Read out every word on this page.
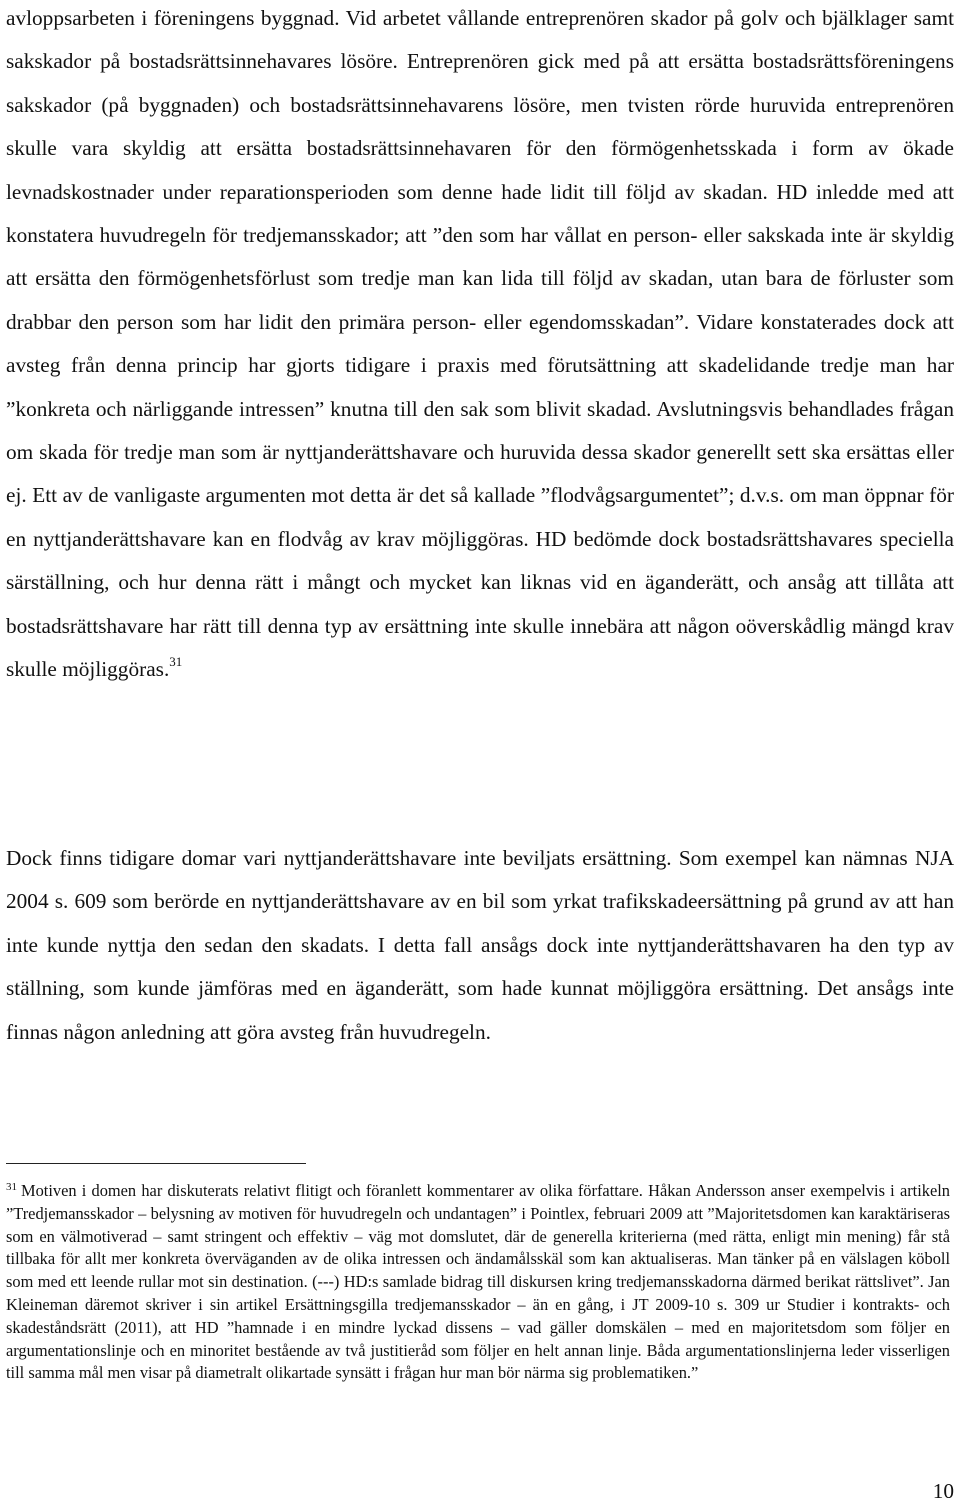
avloppsarbeten i föreningens byggnad. Vid arbetet vållande entreprenören skador på golv och bjälklager samt sakskador på bostadsrättsinnehavares lösöre. Entreprenören gick med på att ersätta bostadsrättsföreningens sakskador (på byggnaden) och bostadsrättsinnehavarens lösöre, men tvisten rörde huruvida entreprenören skulle vara skyldig att ersätta bostadsrättsinnehavaren för den förmögenhetsskada i form av ökade levnadskostnader under reparationsperioden som denne hade lidit till följd av skadan. HD inledde med att konstatera huvudregeln för tredjemansskador; att ”den som har vållat en person- eller sakskada inte är skyldig att ersätta den förmögenhetsförlust som tredje man kan lida till följd av skadan, utan bara de förluster som drabbar den person som har lidit den primära person- eller egendomsskadan”. Vidare konstaterades dock att avsteg från denna princip har gjorts tidigare i praxis med förutsättning att skadelidande tredje man har ”konkreta och närliggande intressen” knutna till den sak som blivit skadad. Avslutningsvis behandlades frågan om skada för tredje man som är nyttjanderättshavare och huruvida dessa skador generellt sett ska ersättas eller ej. Ett av de vanligaste argumenten mot detta är det så kallade ”flodvågsargumentet”; d.v.s. om man öppnar för en nyttjanderättshavare kan en flodvåg av krav möjliggöras. HD bedömde dock bostadsrättshavares speciella särställning, och hur denna rätt i mångt och mycket kan liknas vid en äganderätt, och ansåg att tillåta att bostadsrättshavare har rätt till denna typ av ersättning inte skulle innebära att någon oöverskådlig mängd krav skulle möjliggöras.$^{31}$

Dock finns tidigare domar vari nyttjanderättshavare inte beviljats ersättning. Som exempel kan nämnas NJA 2004 s. 609 som berörde en nyttjanderättshavare av en bil som yrkat trafikskadeersättning på grund av att han inte kunde nyttja den sedan den skadats. I detta fall ansågs dock inte nyttjanderättshavaren ha den typ av ställning, som kunde jämföras med en äganderätt, som hade kunnat möjliggöra ersättning. Det ansågs inte finnas någon anledning att göra avsteg från huvudregeln.

$^{31}$ Motiven i domen har diskuterats relativt flitigt och föranlett kommentarer av olika författare. Håkan Andersson anser exempelvis i artikeln ”Tredjemansskador – belysning av motiven för huvudregeln och undantagen” i Pointlex, februari 2009 att ”Majoritetsdomen kan karaktäriseras som en välmotiverad – samt stringent och effektiv – väg mot domslutet, där de generella kriterierna (med rätta, enligt min mening) får stå tillbaka för allt mer konkreta överväganden av de olika intressen och ändamålsskäl som kan aktualiseras. Man tänker på en välslagen köboll som med ett leende rullar mot sin destination. (---) HD:s samlade bidrag till diskursen kring tredjemansskadorna därmed berikat rättslivet”. Jan Kleineman däremot skriver i sin artikel Ersättningsgilla tredjemansskador – än en gång, i JT 2009-10 s. 309 ur Studier i kontrakts- och skadeståndsrätt (2011), att HD ”hamnade i en mindre lyckad dissens – vad gäller domskälen – med en majoritetsdom som följer en argumentationslinje och en minoritet bestående av två justitieråd som följer en helt annan linje. Båda argumentationslinjerna leder visserligen till samma mål men visar på diametralt olikartade synsätt i frågan hur man bör närma sig problematiken.”

10
